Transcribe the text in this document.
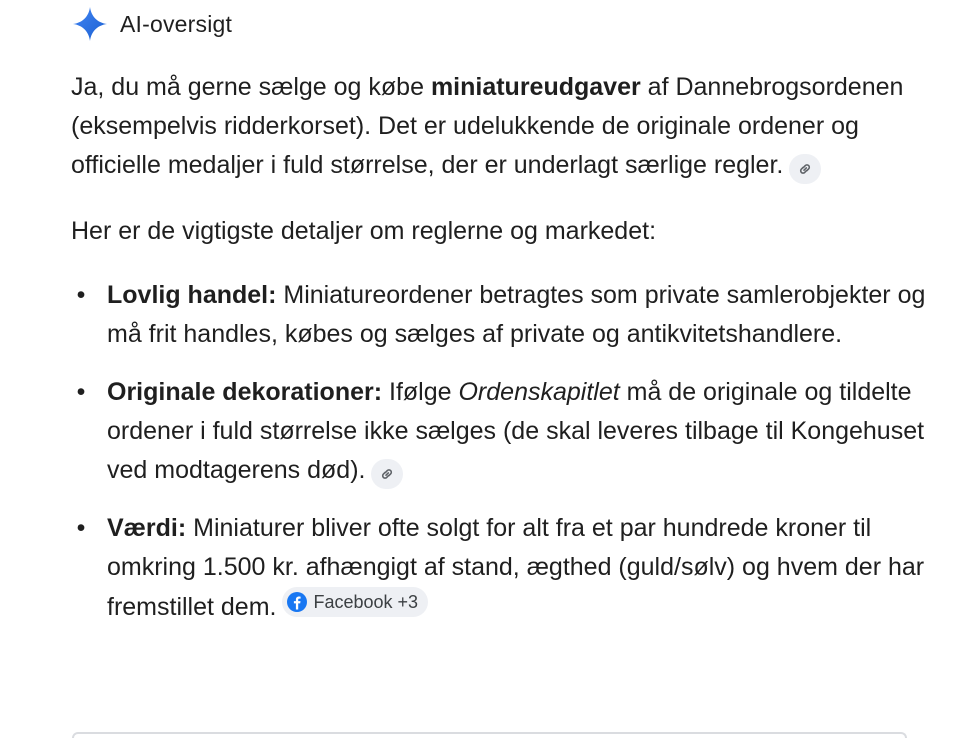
AI-oversigt

Ja, du må gerne sælge og købe miniatureudgaver af Dannebrogsordenen (eksempelvis ridderkorset). Det er udelukkende de originale ordener og officielle medaljer i fuld størrelse, der er underlagt særlige regler.

Her er de vigtigste detaljer om reglerne og markedet:

• Lovlig handel: Miniatureordener betragtes som private samlerobjekter og må frit handles, købes og sælges af private og antikvitetshandlere.
• Originale dekorationer: Ifølge Ordenskapitlet må de originale og tildelte ordener i fuld størrelse ikke sælges (de skal leveres tilbage til Kongehuset ved modtagerens død).
• Værdi: Miniaturer bliver ofte solgt for alt fra et par hundrede kroner til omkring 1.500 kr. afhængigt af stand, ægthed (guld/sølv) og hvem der har fremstillet dem. Facebook +3
